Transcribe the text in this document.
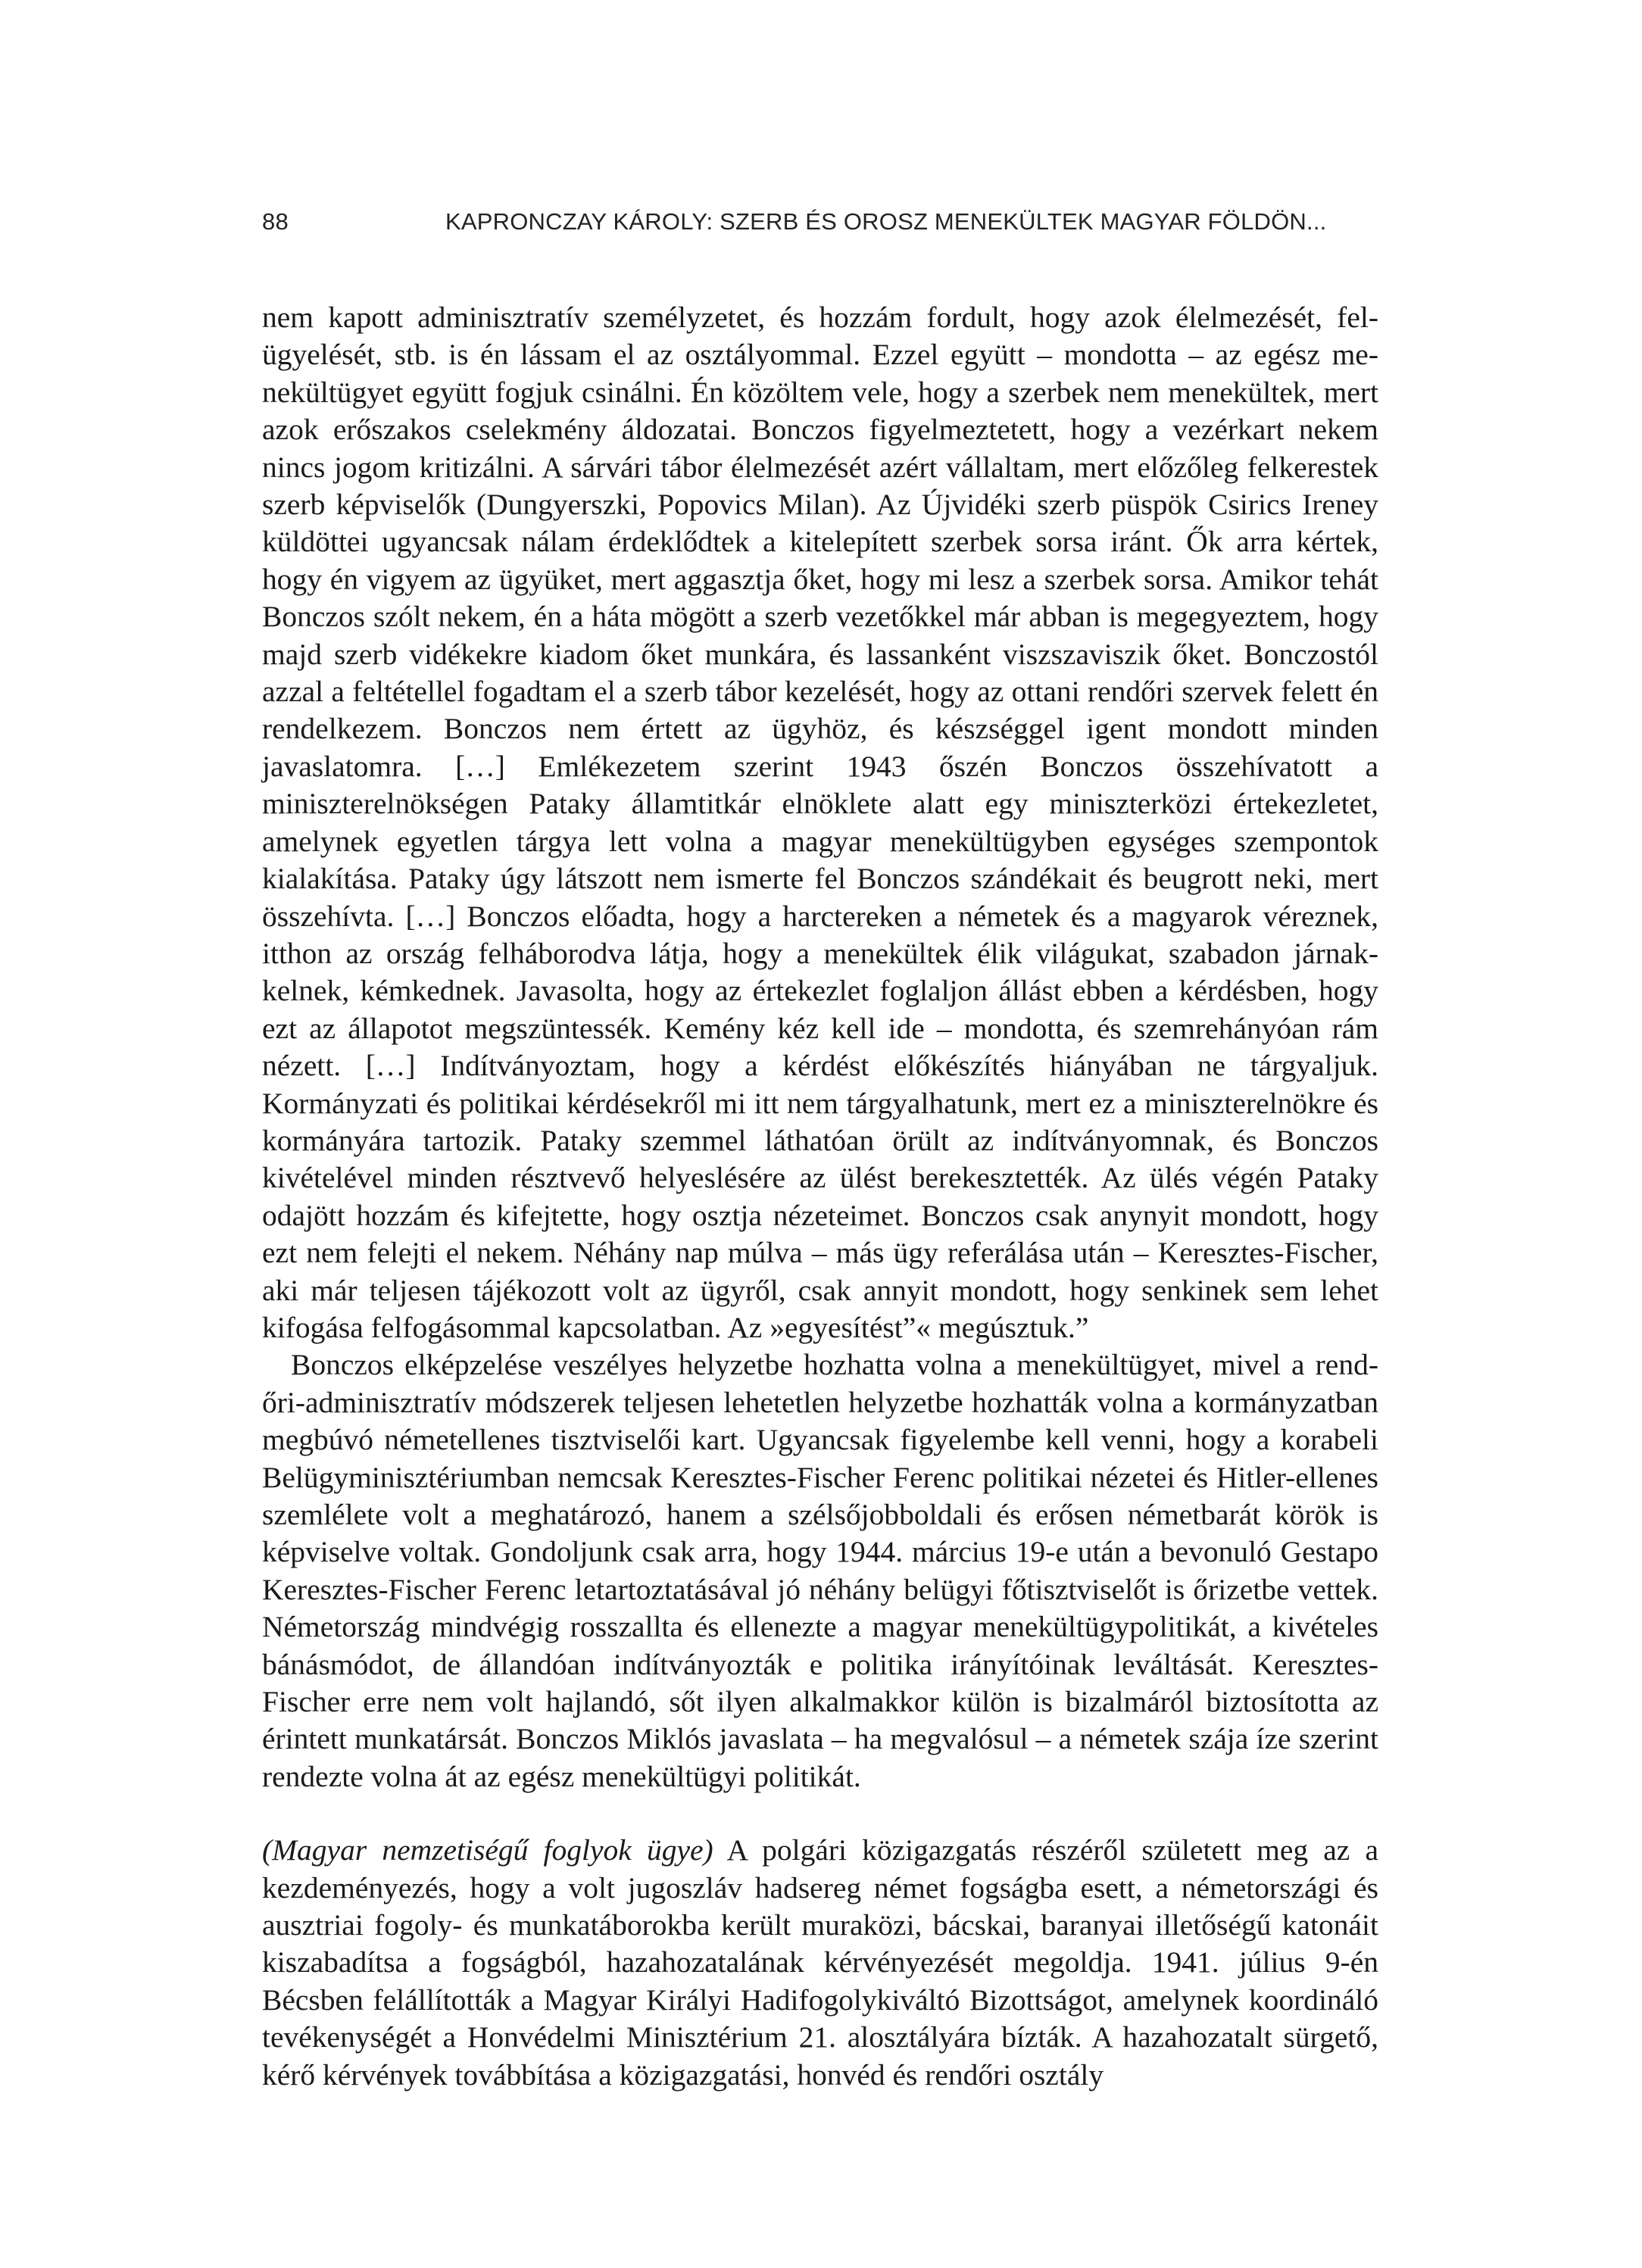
88	KAPRONCZAY KÁROLY: SZERB ÉS OROSZ MENEKÜLTEK MAGYAR FÖLDÖN...

nem kapott adminisztratív személyzetet, és hozzám fordult, hogy azok élelmezését, felügyelését, stb. is én lássam el az osztályommal. Ezzel együtt – mondotta – az egész menekültügyet együtt fogjuk csinálni. Én közöltem vele, hogy a szerbek nem menekültek, mert azok erőszakos cselekmény áldozatai. Bonczos figyelmeztetett, hogy a vezérkart nekem nincs jogom kritizálni. A sárvári tábor élelmezését azért vállaltam, mert előzőleg felkerestek szerb képviselők (Dungyerszki, Popovics Milan). Az Újvidéki szerb püspök Csirics Ireney küldöttei ugyancsak nálam érdeklődtek a kitelepített szerbek sorsa iránt. Ők arra kértek, hogy én vigyem az ügyüket, mert aggasztja őket, hogy mi lesz a szerbek sorsa. Amikor tehát Bonczos szólt nekem, én a háta mögött a szerb vezetőkkel már abban is megegyeztem, hogy majd szerb vidékekre kiadom őket munkára, és lassanként viszszaviszik őket. Bonczostól azzal a feltétellel fogadtam el a szerb tábor kezelését, hogy az ottani rendőri szervek felett én rendelkezem. Bonczos nem értett az ügyhöz, és készséggel igent mondott minden javaslatomra. […] Emlékezetem szerint 1943 őszén Bonczos összehívatott a miniszterelnökségen Pataky államtitkár elnöklete alatt egy miniszterközi értekezletet, amelynek egyetlen tárgya lett volna a magyar menekültügyben egységes szempontok kialakítása. Pataky úgy látszott nem ismerte fel Bonczos szándékait és beugrott neki, mert összehívta. […] Bonczos előadta, hogy a harctereken a németek és a magyarok véreznek, itthon az ország felháborodva látja, hogy a menekültek élik világukat, szabadon járnak-kelnek, kémkednek. Javasolta, hogy az értekezlet foglaljon állást ebben a kérdésben, hogy ezt az állapotot megszüntessék. Kemény kéz kell ide – mondotta, és szemrehányóan rám nézett. […] Indítványoztam, hogy a kérdést előkészítés hiányában ne tárgyaljuk. Kormányzati és politikai kérdésekről mi itt nem tárgyalhatunk, mert ez a miniszterelnökre és kormányára tartozik. Pataky szemmel láthatóan örült az indítványomnak, és Bonczos kivételével minden résztvevő helyeslésére az ülést berekesztették. Az ülés végén Pataky odajött hozzám és kifejtette, hogy osztja nézeteimet. Bonczos csak anynyit mondott, hogy ezt nem felejti el nekem. Néhány nap múlva – más ügy referálása után – Keresztes-Fischer, aki már teljesen tájékozott volt az ügyről, csak annyit mondott, hogy senkinek sem lehet kifogása felfogásommal kapcsolatban. Az »egyesítést”« megúsztuk.”

Bonczos elképzelése veszélyes helyzetbe hozhatta volna a menekültügyet, mivel a rendőri-adminisztratív módszerek teljesen lehetetlen helyzetbe hozhatták volna a kormányzatban megbúvó németellenes tisztviselői kart. Ugyancsak figyelembe kell venni, hogy a korabeli Belügyminisztériumban nemcsak Keresztes-Fischer Ferenc politikai nézetei és Hitler-ellenes szemlélete volt a meghatározó, hanem a szélsőjobboldali és erősen németbarát körök is képviselve voltak. Gondoljunk csak arra, hogy 1944. március 19-e után a bevonuló Gestapo Keresztes-Fischer Ferenc letartoztatásával jó néhány belügyi főtisztviselőt is őrizetbe vettek. Németország mindvégig rosszallta és ellenezte a magyar menekültügypolitikát, a kivételes bánásmódot, de állandóan indítványozták e politika irányítóinak leváltását. Keresztes-Fischer erre nem volt hajlandó, sőt ilyen alkalmakkor külön is bizalmáról biztosította az érintett munkatársát. Bonczos Miklós javaslata – ha megvalósul – a németek szája íze szerint rendezte volna át az egész menekültügyi politikát.

(Magyar nemzetiségű foglyok ügye) A polgári közigazgatás részéről született meg az a kezdeményezés, hogy a volt jugoszláv hadsereg német fogságba esett, a németországi és ausztriai fogoly- és munkatáborokba került muraközi, bácskai, baranyai illetőségű katonáit kiszabadítsa a fogságból, hazahozatalának kérvényezését megoldja. 1941. július 9-én Bécsben felállították a Magyar Királyi Hadifogolykiváltó Bizottságot, amelynek koordináló tevékenységét a Honvédelmi Minisztérium 21. alosztályára bízták. A hazahozatalt sürgető, kérő kérvények továbbítása a közigazgatási, honvéd és rendőri osztály
